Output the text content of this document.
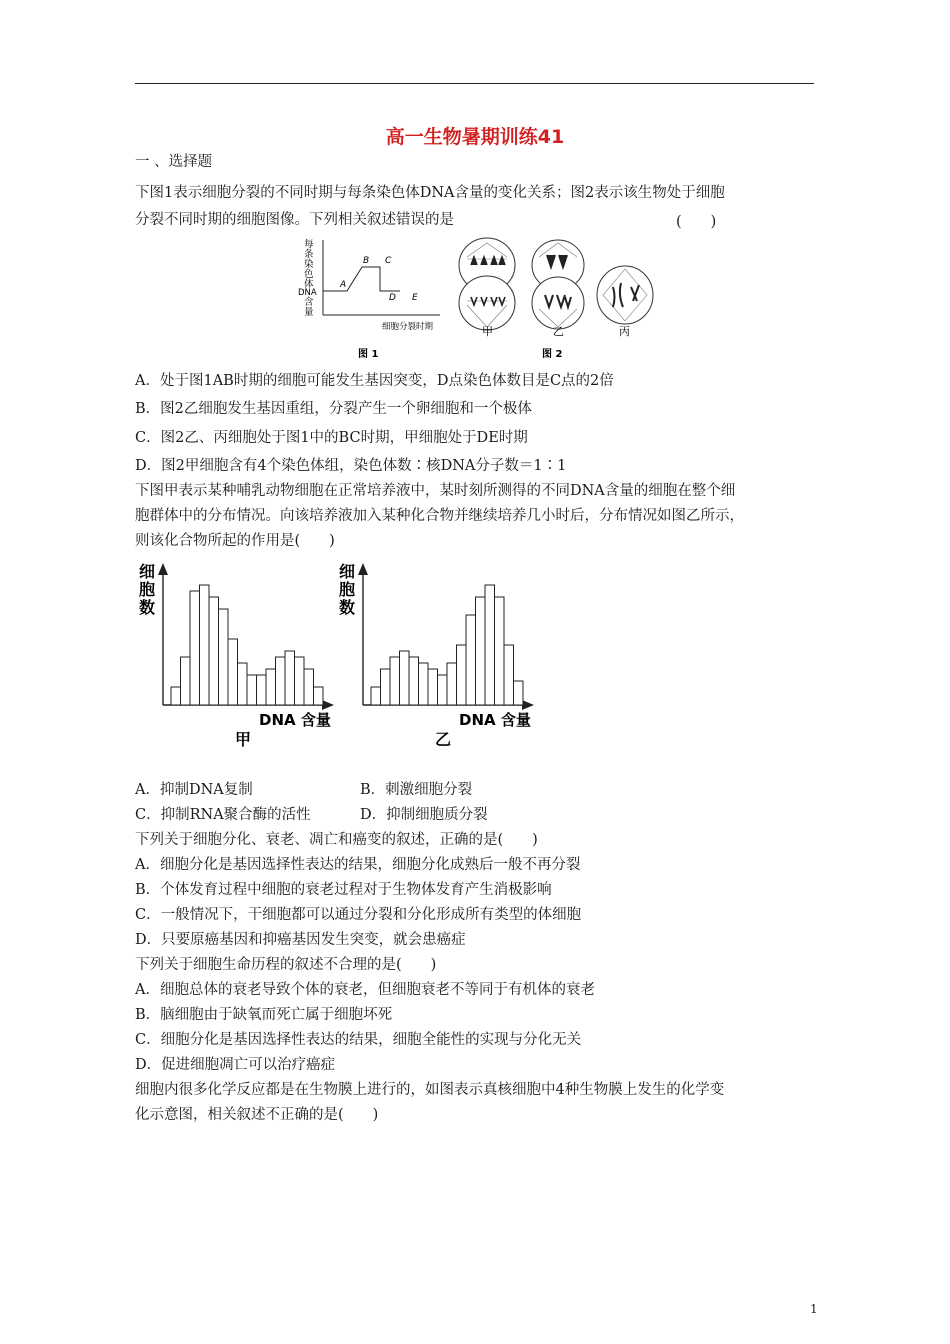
高一生物暑期训练41
一 、选择题
下图1表示细胞分裂的不同时期与每条染色体DNA含量的变化关系；图2表示该生物处于细胞
分裂不同时期的细胞图像。下列相关叙述错误的是	(　　)
每
条
染
色
体
DNA
含
量
A
B C
D E
细胞分裂时期
图 1
甲	乙	丙
图 2
A．处于图1AB时期的细胞可能发生基因突变，D点染色体数目是C点的2倍
B．图2乙细胞发生基因重组，分裂产生一个卵细胞和一个极体
C．图2乙、丙细胞处于图1中的BC时期，甲细胞处于DE时期
D．图2甲细胞含有4个染色体组，染色体数∶核DNA分子数＝1∶1
下图甲表示某种哺乳动物细胞在正常培养液中，某时刻所测得的不同DNA含量的细胞在整个细
胞群体中的分布情况。向该培养液加入某种化合物并继续培养几小时后，分布情况如图乙所示，
则该化合物所起的作用是(　　)
细
胞
数
DNA 含量
甲
细
胞
数
DNA 含量
乙
A．抑制DNA复制	B．刺激细胞分裂
C．抑制RNA聚合酶的活性	D．抑制细胞质分裂
下列关于细胞分化、衰老、凋亡和癌变的叙述，正确的是(　　)
A．细胞分化是基因选择性表达的结果，细胞分化成熟后一般不再分裂
B．个体发育过程中细胞的衰老过程对于生物体发育产生消极影响
C．一般情况下，干细胞都可以通过分裂和分化形成所有类型的体细胞
D．只要原癌基因和抑癌基因发生突变，就会患癌症
下列关于细胞生命历程的叙述不合理的是(　　)
A．细胞总体的衰老导致个体的衰老，但细胞衰老不等同于有机体的衰老
B．脑细胞由于缺氧而死亡属于细胞坏死
C．细胞分化是基因选择性表达的结果，细胞全能性的实现与分化无关
D．促进细胞凋亡可以治疗癌症
细胞内很多化学反应都是在生物膜上进行的，如图表示真核细胞中4种生物膜上发生的化学变
化示意图，相关叙述不正确的是(　　)
1
